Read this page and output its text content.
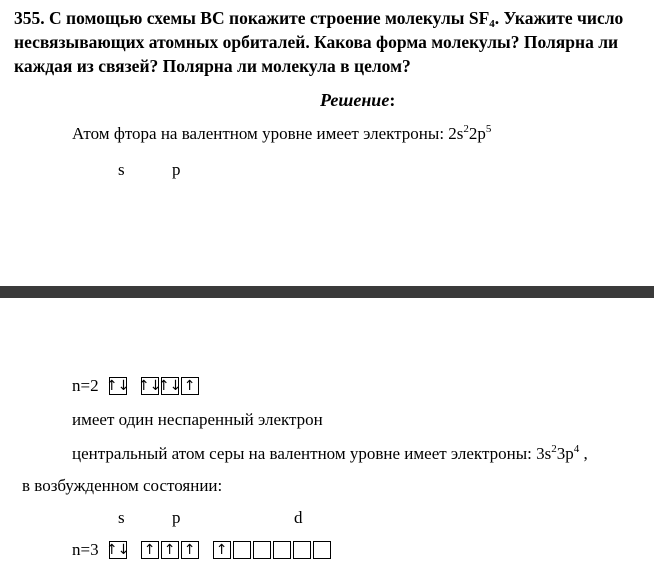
355. С помощью схемы ВС покажите строение молекулы $SF_4$. Укажите число несвязывающих атомных орбиталей. Какова форма молекулы? Полярна ли каждая из связей? Полярна ли молекула в целом?
Решение:
Атом фтора на валентном уровне имеет электроны: $2s^22p^5$
s	p
n=2 ↑↓ ↑↓
↑↓ ↑
имеет один неспаренный электрон
центральный атом серы на валентном уровне имеет электроны: $3s^23p^4$ ,
в возбужденном состоянии:
s	p	d
n=3 ↑↓ ↑ ↑ ↑ ↑
